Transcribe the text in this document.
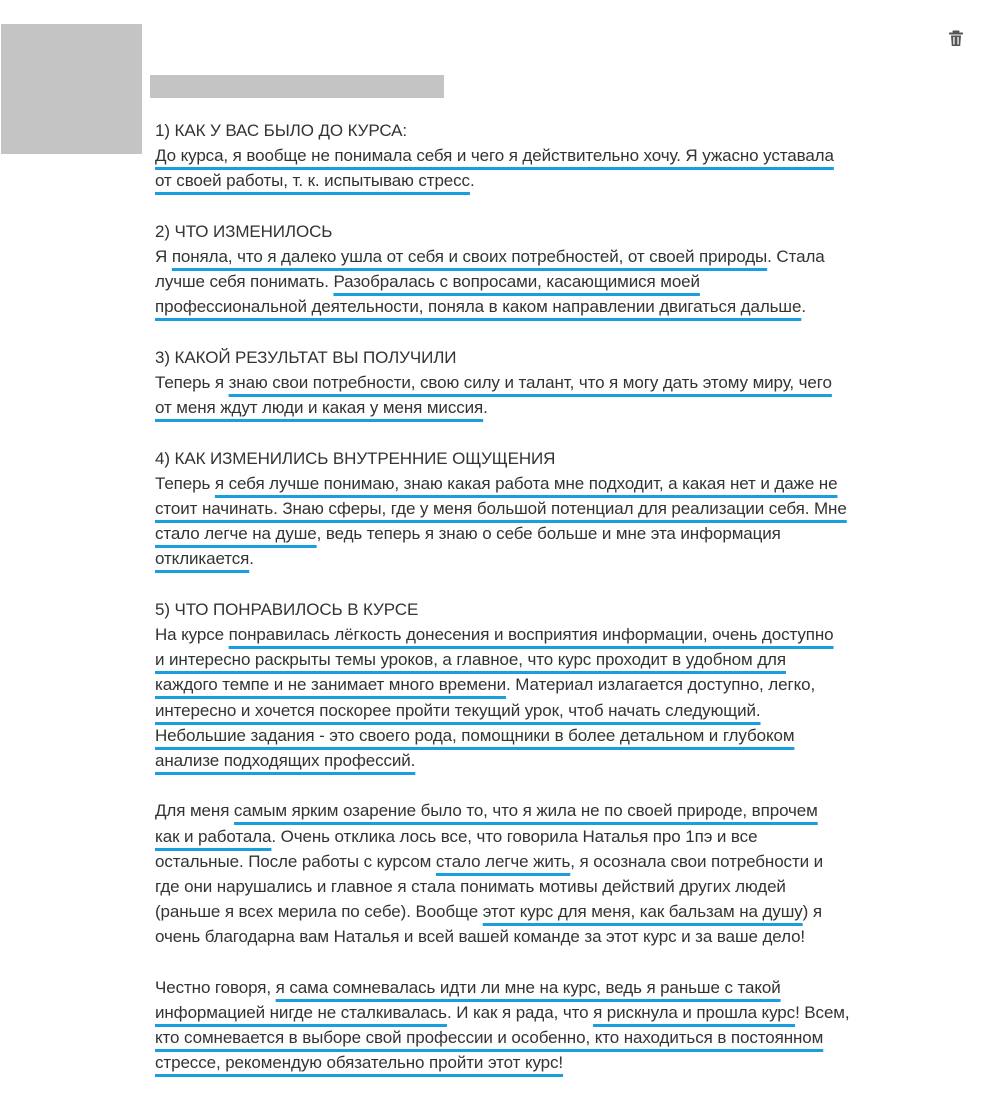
1) КАК У ВАС БЫЛО ДО КУРСА:
До курса, я вообще не понимала себя и чего я действительно хочу. Я ужасно уставала
от своей работы, т. к. испытываю стресс.

2) ЧТО ИЗМЕНИЛОСЬ
Я поняла, что я далеко ушла от себя и своих потребностей, от своей природы. Стала
лучше себя понимать. Разобралась с вопросами, касающимися моей
профессиональной деятельности, поняла в каком направлении двигаться дальше.

3) КАКОЙ РЕЗУЛЬТАТ ВЫ ПОЛУЧИЛИ
Теперь я знаю свои потребности, свою силу и талант, что я могу дать этому миру, чего
от меня ждут люди и какая у меня миссия.

4) КАК ИЗМЕНИЛИСЬ ВНУТРЕННИЕ ОЩУЩЕНИЯ
Теперь я себя лучше понимаю, знаю какая работа мне подходит, а какая нет и даже не
стоит начинать. Знаю сферы, где у меня большой потенциал для реализации себя. Мне
стало легче на душе, ведь теперь я знаю о себе больше и мне эта информация
откликается.

5) ЧТО ПОНРАВИЛОСЬ В КУРСЕ
На курсе понравилась лёгкость донесения и восприятия информации, очень доступно
и интересно раскрыты темы уроков, а главное, что курс проходит в удобном для
каждого темпе и не занимает много времени. Материал излагается доступно, легко,
интересно и хочется поскорее пройти текущий урок, чтоб начать следующий.
Небольшие задания - это своего рода, помощники в более детальном и глубоком
анализе подходящих профессий.

Для меня самым ярким озарение было то, что я жила не по своей природе, впрочем
как и работала. Очень отклика лось все, что говорила Наталья про 1пэ и все
остальные. После работы с курсом стало легче жить, я осознала свои потребности и
где они нарушались и главное я стала понимать мотивы действий других людей
(раньше я всех мерила по себе). Вообще этот курс для меня, как бальзам на душу) я
очень благодарна вам Наталья и всей вашей команде за этот курс и за ваше дело!

Честно говоря, я сама сомневалась идти ли мне на курс, ведь я раньше с такой
информацией нигде не сталкивалась. И как я рада, что я рискнула и прошла курс! Всем,
кто сомневается в выборе свой профессии и особенно, кто находиться в постоянном
стрессе, рекомендую обязательно пройти этот курс!
